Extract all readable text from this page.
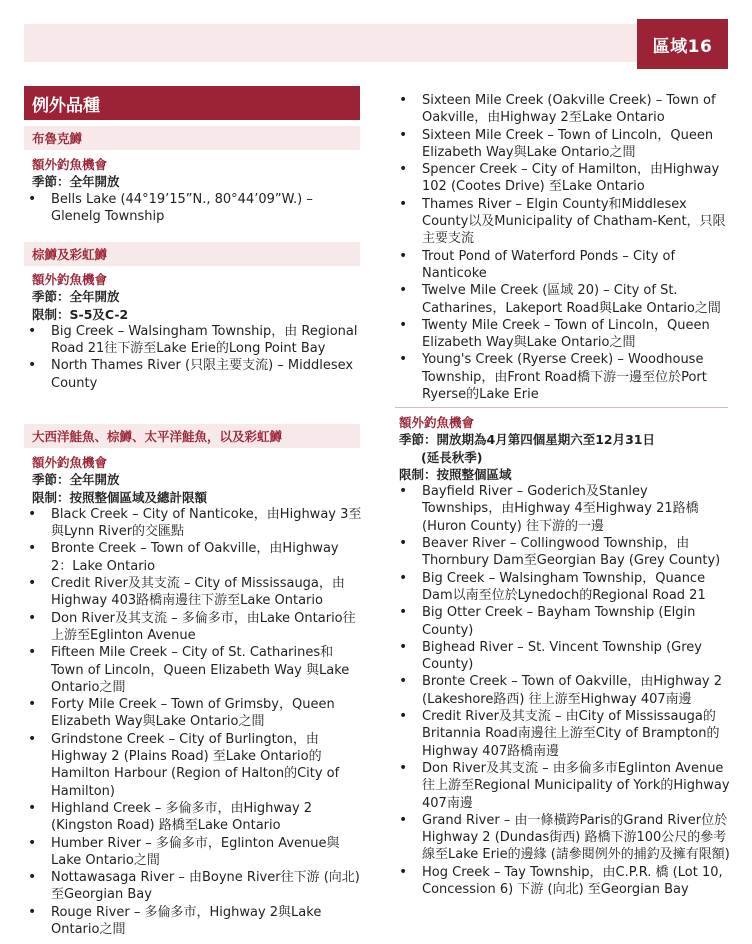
區域16
例外品種
布魯克鱒
額外釣魚機會
季節：全年開放
• Bells Lake (44°19’15”N., 80°44’09”W.) – Glenelg Township
棕鱒及彩虹鱒
額外釣魚機會
季節：全年開放
限制：S-5及C-2
• Big Creek – Walsingham Township，由 Regional Road 21往下游至Lake Erie的Long Point Bay
• North Thames River (只限主要支流) – Middlesex County
大西洋鮭魚、棕鱒、太平洋鮭魚，以及彩虹鱒
額外釣魚機會
季節：全年開放
限制：按照整個區域及總計限額
• Black Creek – City of Nanticoke，由Highway 3至與Lynn River的交匯點
• Bronte Creek – Town of Oakville，由Highway 2：Lake Ontario
• Credit River及其支流 – City of Mississauga，由Highway 403路橋南邊往下游至Lake Ontario
• Don River及其支流 – 多倫多市，由Lake Ontario往上游至Eglinton Avenue
• Fifteen Mile Creek – City of St. Catharines和Town of Lincoln，Queen Elizabeth Way 與Lake Ontario之間
• Forty Mile Creek – Town of Grimsby，Queen Elizabeth Way與Lake Ontario之間
• Grindstone Creek – City of Burlington，由Highway 2 (Plains Road) 至Lake Ontario的Hamilton Harbour (Region of Halton的City of Hamilton)
• Highland Creek – 多倫多市，由Highway 2 (Kingston Road) 路橋至Lake Ontario
• Humber River – 多倫多市，Eglinton Avenue與Lake Ontario之間
• Nottawasaga River – 由Boyne River往下游 (向北) 至Georgian Bay
• Rouge River – 多倫多市，Highway 2與Lake Ontario之間
• Sixteen Mile Creek (Oakville Creek) – Town of Oakville，由Highway 2至Lake Ontario
• Sixteen Mile Creek – Town of Lincoln，Queen Elizabeth Way與Lake Ontario之間
• Spencer Creek – City of Hamilton，由Highway 102 (Cootes Drive) 至Lake Ontario
• Thames River – Elgin County和Middlesex County以及Municipality of Chatham-Kent，只限主要支流
• Trout Pond of Waterford Ponds – City of Nanticoke
• Twelve Mile Creek (區域 20) – City of St. Catharines，Lakeport Road與Lake Ontario之間
• Twenty Mile Creek – Town of Lincoln，Queen Elizabeth Way與Lake Ontario之間
• Young's Creek (Ryerse Creek) – Woodhouse Township，由Front Road橋下游一邊至位於Port Ryerse的Lake Erie
額外釣魚機會
季節：開放期為4月第四個星期六至12月31日
(延長秋季)
限制：按照整個區域
• Bayfield River – Goderich及Stanley Townships，由Highway 4至Highway 21路橋 (Huron County) 往下游的一邊
• Beaver River – Collingwood Township，由Thornbury Dam至Georgian Bay (Grey County)
• Big Creek – Walsingham Township，Quance Dam以南至位於Lynedoch的Regional Road 21
• Big Otter Creek – Bayham Township (Elgin County)
• Bighead River – St. Vincent Township (Grey County)
• Bronte Creek – Town of Oakville，由Highway 2 (Lakeshore路西) 往上游至Highway 407南邊
• Credit River及其支流 – 由City of Mississauga的Britannia Road南邊往上游至City of Brampton的Highway 407路橋南邊
• Don River及其支流 – 由多倫多市Eglinton Avenue往上游至Regional Municipality of York的Highway 407南邊
• Grand River – 由一條橫跨Paris的Grand River位於Highway 2 (Dundas街西) 路橋下游100公尺的參考線至Lake Erie的邊緣 (請參閱例外的捕釣及擁有限額)
• Hog Creek – Tay Township，由C.P.R. 橋 (Lot 10, Concession 6) 下游 (向北) 至Georgian Bay
